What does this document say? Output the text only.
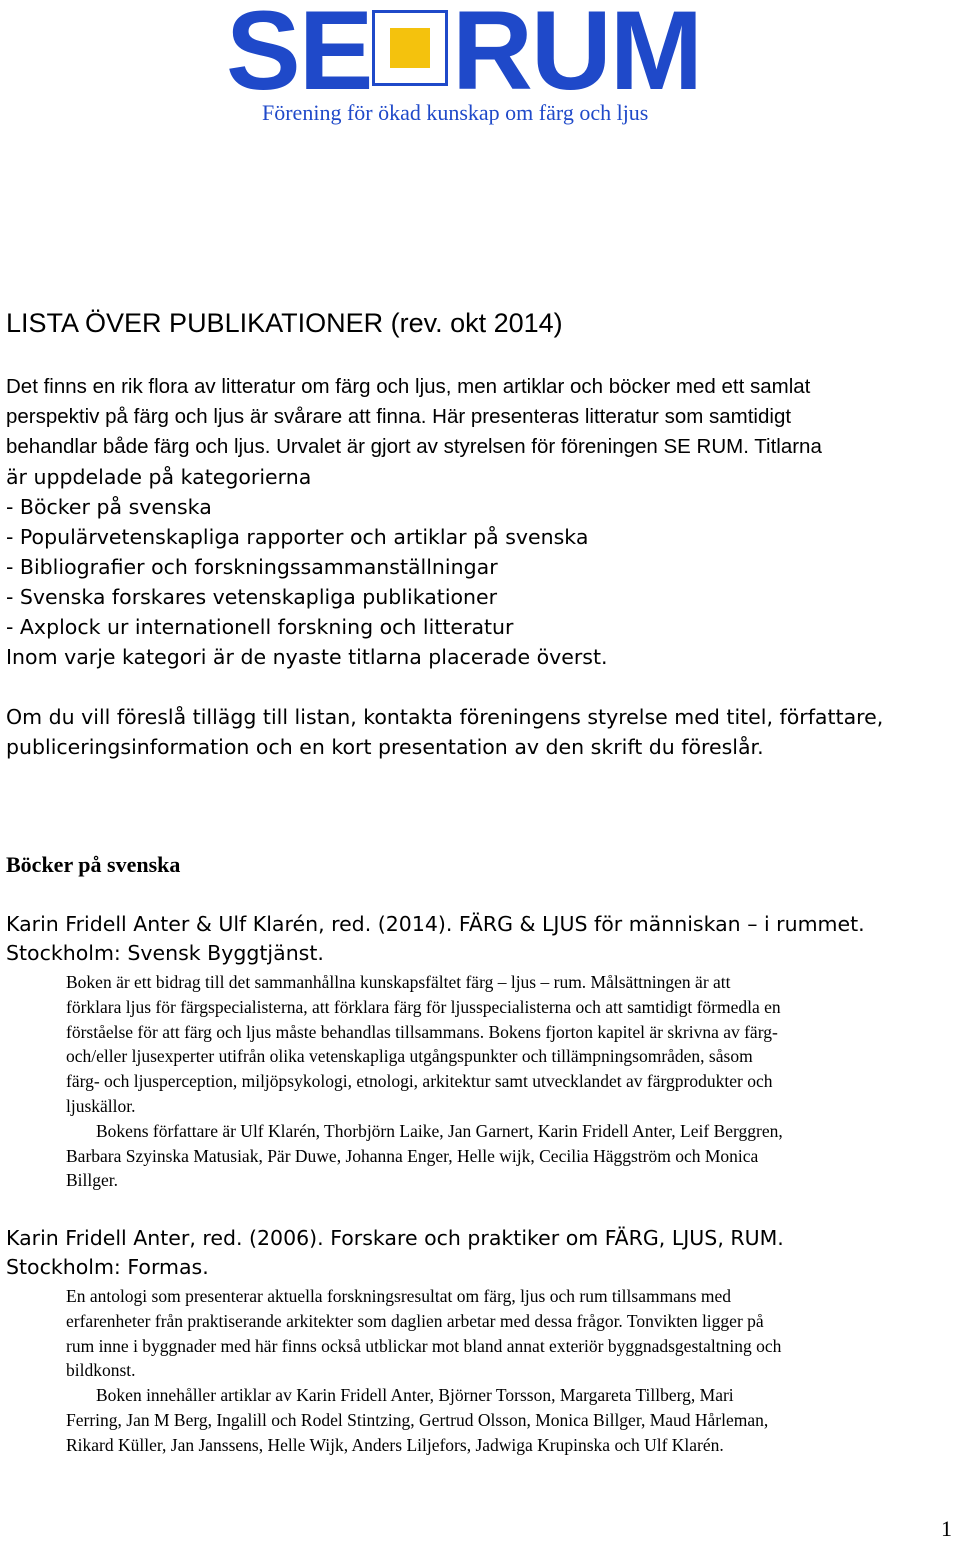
SE RUM
Förening för ökad kunskap om färg och ljus
LISTA ÖVER PUBLIKATIONER (rev. okt 2014)
Det finns en rik flora av litteratur om färg och ljus, men artiklar och böcker med ett samlat
perspektiv på färg och ljus är svårare att finna. Här presenteras litteratur som samtidigt
behandlar både färg och ljus. Urvalet är gjort av styrelsen för föreningen SE RUM. Titlarna
är uppdelade på kategorierna
- Böcker på svenska
- Populärvetenskapliga rapporter och artiklar på svenska
- Bibliografier och forskningssammanställningar
- Svenska forskares vetenskapliga publikationer
- Axplock ur internationell forskning och litteratur
Inom varje kategori är de nyaste titlarna placerade överst.
Om du vill föreslå tillägg till listan, kontakta föreningens styrelse med titel, författare,
publiceringsinformation och en kort presentation av den skrift du föreslår.
Böcker på svenska
Karin Fridell Anter & Ulf Klarén, red. (2014). FÄRG & LJUS för människan – i rummet.
Stockholm: Svensk Byggtjänst.
Boken är ett bidrag till det sammanhållna kunskapsfältet färg – ljus – rum. Målsättningen är att
förklara ljus för färgspecialisterna, att förklara färg för ljusspecialisterna och att samtidigt förmedla en
förståelse för att färg och ljus måste behandlas tillsammans. Bokens fjorton kapitel är skrivna av färg-
och/eller ljusexperter utifrån olika vetenskapliga utgångspunkter och tillämpningsområden, såsom
färg- och ljusperception, miljöpsykologi, etnologi, arkitektur samt utvecklandet av färgprodukter och
ljuskällor.
Bokens författare är Ulf Klarén, Thorbjörn Laike, Jan Garnert, Karin Fridell Anter, Leif Berggren,
Barbara Szyinska Matusiak, Pär Duwe, Johanna Enger, Helle wijk, Cecilia Häggström och Monica
Billger.
Karin Fridell Anter, red. (2006). Forskare och praktiker om FÄRG, LJUS, RUM.
Stockholm: Formas.
En antologi som presenterar aktuella forskningsresultat om färg, ljus och rum tillsammans med
erfarenheter från praktiserande arkitekter som daglien arbetar med dessa frågor. Tonvikten ligger på
rum inne i byggnader med här finns också utblickar mot bland annat exteriör byggnadsgestaltning och
bildkonst.
Boken innehåller artiklar av Karin Fridell Anter, Björner Torsson, Margareta Tillberg, Mari
Ferring, Jan M Berg, Ingalill och Rodel Stintzing, Gertrud Olsson, Monica Billger, Maud Hårleman,
Rikard Küller, Jan Janssens, Helle Wijk, Anders Liljefors, Jadwiga Krupinska och Ulf Klarén.
1
